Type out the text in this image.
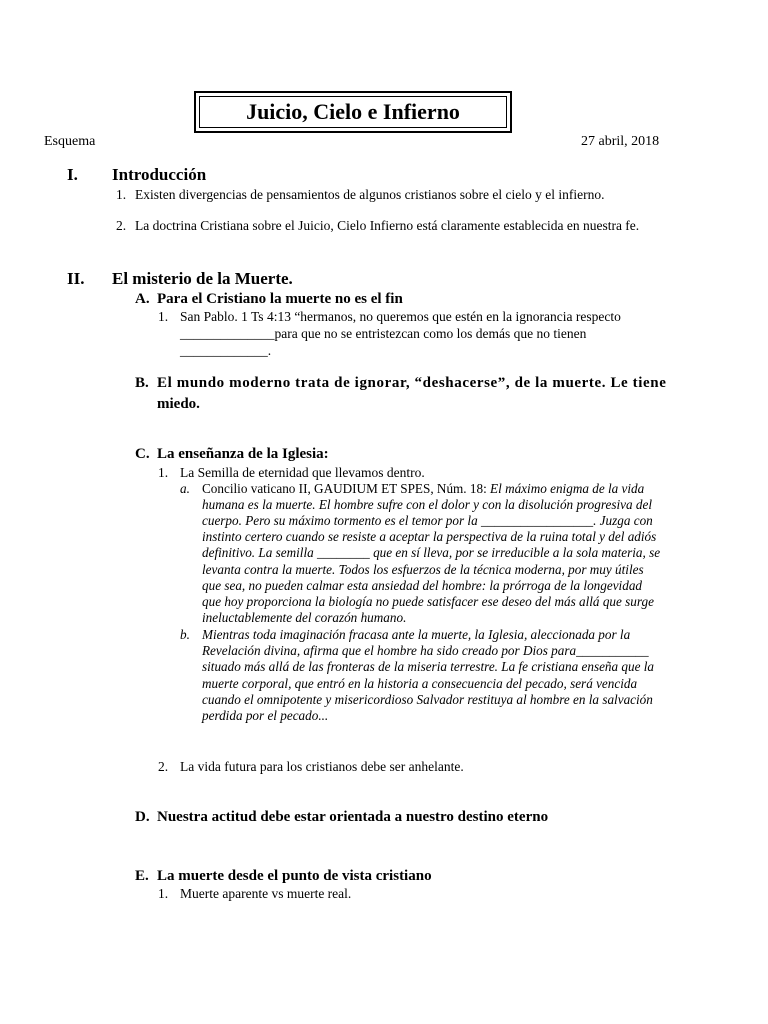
Juicio, Cielo e Infierno
Esquema	27 abril, 2018
I. Introducción
1. Existen divergencias de pensamientos de algunos cristianos sobre el cielo y el infierno.
2. La doctrina Cristiana sobre el Juicio, Cielo Infierno está claramente establecida en nuestra fe.
II. El misterio de la Muerte.
A. Para el Cristiano la muerte no es el fin
1. San Pablo. 1 Ts 4:13 “hermanos, no queremos que estén en la ignorancia respecto
______________para que no se entristezcan como los demás que no tienen
_____________.
B. El mundo moderno trata de ignorar, “deshacerse”, de la muerte. Le tiene
miedo.
C. La enseñanza de la Iglesia:
1. La Semilla de eternidad que llevamos dentro.
a. Concilio vaticano II, GAUDIUM ET SPES, Núm. 18: El máximo enigma de la vida
humana es la muerte. El hombre sufre con el dolor y con la disolución progresiva del
cuerpo. Pero su máximo tormento es el temor por la _________________. Juzga con
instinto certero cuando se resiste a aceptar la perspectiva de la ruina total y del adiós
definitivo. La semilla ________ que en sí lleva, por se irreducible a la sola materia, se
levanta contra la muerte. Todos los esfuerzos de la técnica moderna, por muy útiles
que sea, no pueden calmar esta ansiedad del hombre: la prórroga de la longevidad
que hoy proporciona la biología no puede satisfacer ese deseo del más allá que surge
ineluctablemente del corazón humano.
b. Mientras toda imaginación fracasa ante la muerte, la Iglesia, aleccionada por la
Revelación divina, afirma que el hombre ha sido creado por Dios para___________
situado más allá de las fronteras de la miseria terrestre. La fe cristiana enseña que la
muerte corporal, que entró en la historia a consecuencia del pecado, será vencida
cuando el omnipotente y misericordioso Salvador restituya al hombre en la salvación
perdida por el pecado...
2. La vida futura para los cristianos debe ser anhelante.
D. Nuestra actitud debe estar orientada a nuestro destino eterno
E. La muerte desde el punto de vista cristiano
1. Muerte aparente vs muerte real.
